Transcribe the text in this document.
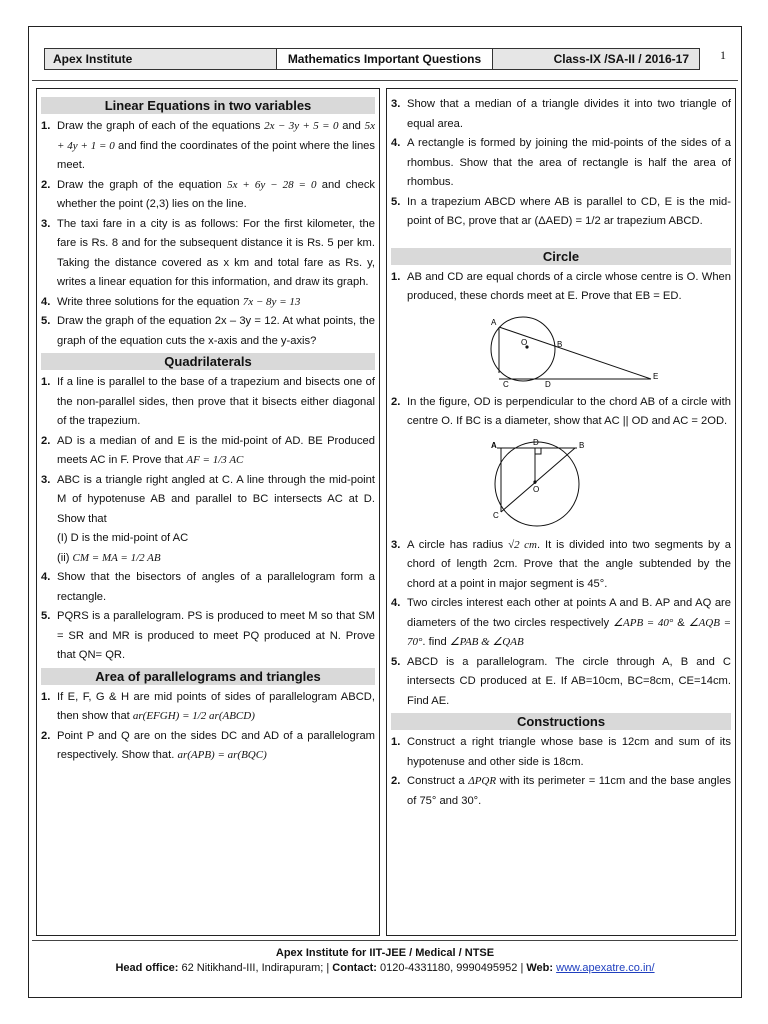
Apex Institute	Mathematics Important Questions	Class-IX /SA-II / 2016-17	1
Linear Equations in two variables
1. Draw the graph of each of the equations 2x − 3y + 5 = 0 and 5x + 4y + 1 = 0 and find the coordinates of the point where the lines meet.
2. Draw the graph of the equation 5x + 6y − 28 = 0 and check whether the point (2,3) lies on the line.
3. The taxi fare in a city is as follows: For the first kilometer, the fare is Rs. 8 and for the subsequent distance it is Rs. 5 per km. Taking the distance covered as x km and total fare as Rs. y, writes a linear equation for this information, and draw its graph.
4. Write three solutions for the equation 7x − 8y = 13
5. Draw the graph of the equation 2x – 3y = 12. At what points, the graph of the equation cuts the x-axis and the y-axis?
Quadrilaterals
1. If a line is parallel to the base of a trapezium and bisects one of the non-parallel sides, then prove that it bisects either diagonal of the trapezium.
2. AD is a median of and E is the mid-point of AD. BE Produced meets AC in F. Prove that AF = 1/3 AC
3. ABC is a triangle right angled at C. A line through the mid-point M of hypotenuse AB and parallel to BC intersects AC at D. Show that
(I) D is the mid-point of AC
(ii) CM = MA = 1/2 AB
4. Show that the bisectors of angles of a parallelogram form a rectangle.
5. PQRS is a parallelogram. PS is produced to meet M so that SM = SR and MR is produced to meet PQ produced at N. Prove that QN= QR.
Area of parallelograms and triangles
1. If E, F, G & H are mid points of sides of parallelogram ABCD, then show that ar(EFGH) = 1/2 ar(ABCD)
2. Point P and Q are on the sides DC and AD of a parallelogram respectively. Show that. ar(APB) = ar(BQC)
3. Show that a median of a triangle divides it into two triangle of equal area.
4. A rectangle is formed by joining the mid-points of the sides of a rhombus. Show that the area of rectangle is half the area of rhombus.
5. In a trapezium ABCD where AB is parallel to CD, E is the mid-point of BC, prove that ar (ΔAED) = 1/2 ar trapezium ABCD.
Circle
1. AB and CD are equal chords of a circle whose centre is O. When produced, these chords meet at E. Prove that EB = ED.
A
O	B
C	D
E
2. In the figure, OD is perpendicular to the chord AB of a circle with centre O. If BC is a diameter, show that AC || OD and AC = 2OD.
A	D	B
O
C
3. A circle has radius √2 cm. It is divided into two segments by a chord of length 2cm. Prove that the angle subtended by the chord at a point in major segment is 45°.
4. Two circles interest each other at points A and B. AP and AQ are diameters of the two circles respectively ∠APB = 40° & ∠AQB = 70°. find ∠PAB & ∠QAB
5. ABCD is a parallelogram. The circle through A, B and C intersects CD produced at E. If AB=10cm, BC=8cm, CE=14cm. Find AE.
Constructions
1. Construct a right triangle whose base is 12cm and sum of its hypotenuse and other side is 18cm.
2. Construct a ΔPQR with its perimeter = 11cm and the base angles of 75° and 30°.
Apex Institute for IIT-JEE / Medical / NTSE
Head office: 62 Nitikhand-III, Indirapuram; | Contact: 0120-4331180, 9990495952 | Web: www.apexatre.co.in/
